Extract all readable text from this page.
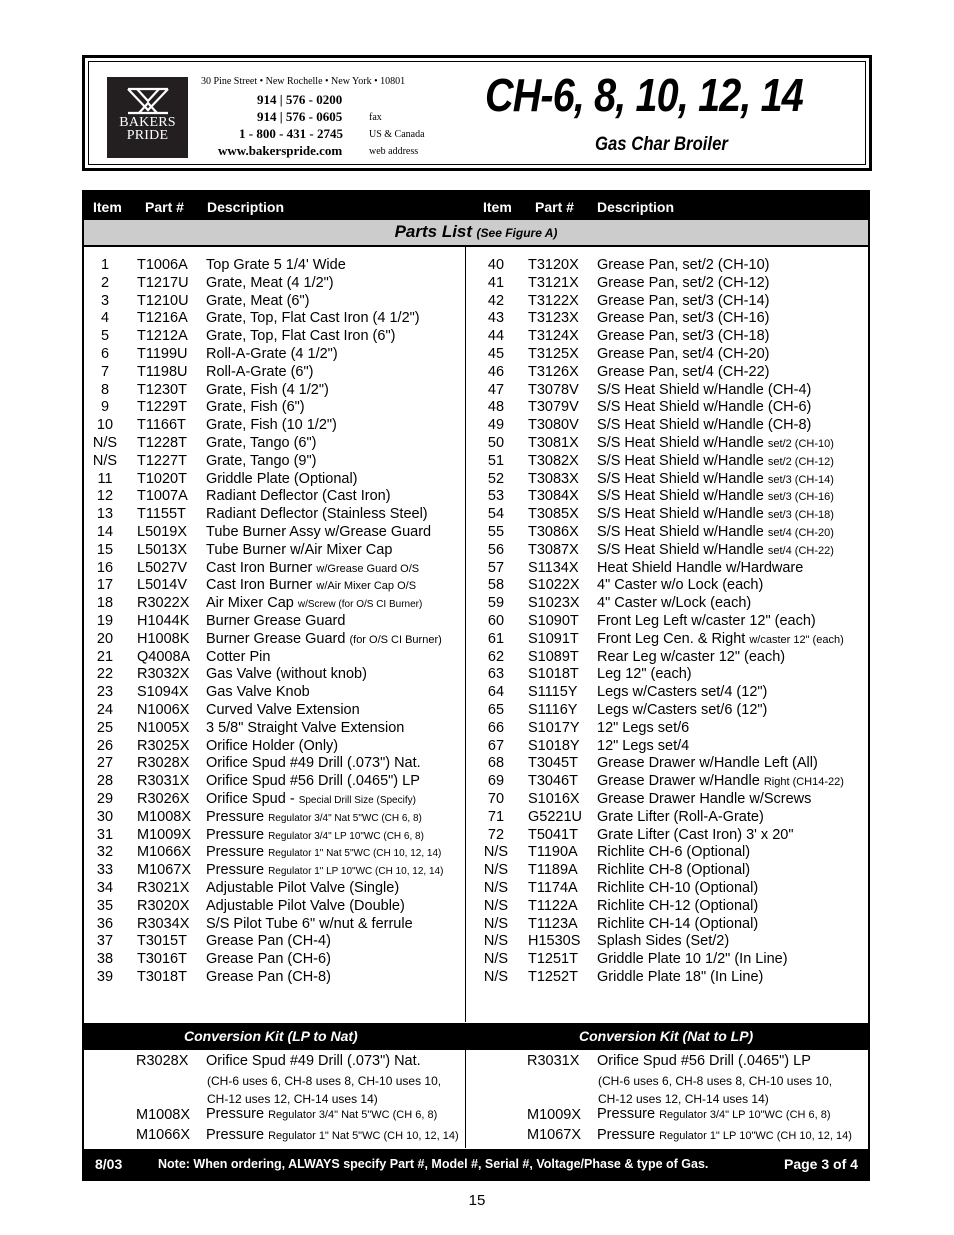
BAKERS
PRIDE
30 Pine Street • New Rochelle • New York • 10801
914 | 576 - 0200
914 | 576 - 0605	fax
1 - 800 - 431 - 2745	US & Canada
www.bakerspride.com	web address
CH-6, 8, 10, 12, 14
Gas Char Broiler
Item Part # Description	Item Part # Description
Parts List (See Figure A)
1	T1006A Top Grate 5 1/4' Wide
2	T1217U Grate, Meat (4 1/2")
3	T1210U Grate, Meat (6")
4	T1216A Grate, Top, Flat Cast Iron (4 1/2")
5	T1212A Grate, Top, Flat Cast Iron (6")
6	T1199U Roll-A-Grate (4 1/2")
7	T1198U Roll-A-Grate (6")
8	T1230T Grate, Fish (4 1/2")
9	T1229T Grate, Fish (6")
10	T1166T Grate, Fish (10 1/2")
N/S	T1228T Grate, Tango (6")
N/S	T1227T Grate, Tango (9")
11	T1020T Griddle Plate (Optional)
12	T1007A Radiant Deflector (Cast Iron)
13	T1155T Radiant Deflector (Stainless Steel)
14	L5019X Tube Burner Assy w/Grease Guard
15	L5013X Tube Burner w/Air Mixer Cap
16	L5027V Cast Iron Burner w/Grease Guard O/S
17	L5014V Cast Iron Burner w/Air Mixer Cap O/S
18	R3022X Air Mixer Cap w/Screw (for O/S CI Burner)
19	H1044K Burner Grease Guard
20	H1008K Burner Grease Guard (for O/S CI Burner)
21	Q4008A Cotter Pin
22	R3032X Gas Valve (without knob)
23	S1094X Gas Valve Knob
24	N1006X Curved Valve Extension
25	N1005X 3 5/8" Straight Valve Extension
26	R3025X Orifice Holder (Only)
27	R3028X Orifice Spud #49 Drill (.073") Nat.
28	R3031X Orifice Spud #56 Drill (.0465") LP
29	R3026X Orifice Spud - Special Drill Size (Specify)
30	M1008X Pressure Regulator 3/4" Nat 5"WC (CH 6, 8)
31	M1009X Pressure Regulator 3/4" LP 10"WC (CH 6, 8)
32	M1066X Pressure Regulator 1" Nat 5"WC (CH 10, 12, 14)
33	M1067X Pressure Regulator 1" LP 10"WC (CH 10, 12, 14)
34	R3021X Adjustable Pilot Valve (Single)
35	R3020X Adjustable Pilot Valve (Double)
36	R3034X S/S Pilot Tube 6" w/nut & ferrule
37	T3015T Grease Pan (CH-4)
38	T3016T Grease Pan (CH-6)
39	T3018T Grease Pan (CH-8)
40	T3120X Grease Pan, set/2 (CH-10)
41	T3121X Grease Pan, set/2 (CH-12)
42	T3122X Grease Pan, set/3 (CH-14)
43	T3123X Grease Pan, set/3 (CH-16)
44	T3124X Grease Pan, set/3 (CH-18)
45	T3125X Grease Pan, set/4 (CH-20)
46	T3126X Grease Pan, set/4 (CH-22)
47	T3078V S/S Heat Shield w/Handle (CH-4)
48	T3079V S/S Heat Shield w/Handle (CH-6)
49	T3080V S/S Heat Shield w/Handle (CH-8)
50	T3081X S/S Heat Shield w/Handle set/2 (CH-10)
51	T3082X S/S Heat Shield w/Handle set/2 (CH-12)
52	T3083X S/S Heat Shield w/Handle set/3 (CH-14)
53	T3084X S/S Heat Shield w/Handle set/3 (CH-16)
54	T3085X S/S Heat Shield w/Handle set/3 (CH-18)
55	T3086X S/S Heat Shield w/Handle set/4 (CH-20)
56	T3087X S/S Heat Shield w/Handle set/4 (CH-22)
57	S1134X Heat Shield Handle w/Hardware
58	S1022X 4" Caster w/o Lock (each)
59	S1023X 4" Caster w/Lock (each)
60	S1090T Front Leg Left w/caster 12" (each)
61	S1091T Front Leg Cen. & Right w/caster 12" (each)
62	S1089T Rear Leg w/caster 12" (each)
63	S1018T Leg 12" (each)
64	S1115Y Legs w/Casters set/4 (12")
65	S1116Y Legs w/Casters set/6 (12")
66	S1017Y 12" Legs set/6
67	S1018Y 12" Legs set/4
68	T3045T Grease Drawer w/Handle Left (All)
69	T3046T Grease Drawer w/Handle Right (CH14-22)
70	S1016X Grease Drawer Handle w/Screws
71	G5221U Grate Lifter (Roll-A-Grate)
72	T5041T Grate Lifter (Cast Iron) 3' x 20"
N/S	T1190A Richlite CH-6 (Optional)
N/S	T1189A Richlite CH-8 (Optional)
N/S	T1174A Richlite CH-10 (Optional)
N/S	T1122A Richlite CH-12 (Optional)
N/S	T1123A Richlite CH-14 (Optional)
N/S	H1530S Splash Sides (Set/2)
N/S	T1251T Griddle Plate 10 1/2" (In Line)
N/S	T1252T Griddle Plate 18" (In Line)
Conversion Kit (LP to Nat)	Conversion Kit (Nat to LP)
R3028X Orifice Spud #49 Drill (.073") Nat.
(CH-6 uses 6, CH-8 uses 8, CH-10 uses 10,
CH-12 uses 12, CH-14 uses 14)
M1008X Pressure Regulator 3/4" Nat 5"WC (CH 6, 8)
M1066X Pressure Regulator 1" Nat 5"WC (CH 10, 12, 14)
R3031X Orifice Spud #56 Drill (.0465") LP
(CH-6 uses 6, CH-8 uses 8, CH-10 uses 10,
CH-12 uses 12, CH-14 uses 14)
M1009X Pressure Regulator 3/4" LP 10"WC (CH 6, 8)
M1067X Pressure Regulator 1" LP 10"WC (CH 10, 12, 14)
8/03	Note: When ordering, ALWAYS specify Part #, Model #, Serial #, Voltage/Phase & type of Gas.	Page 3 of 4
15
